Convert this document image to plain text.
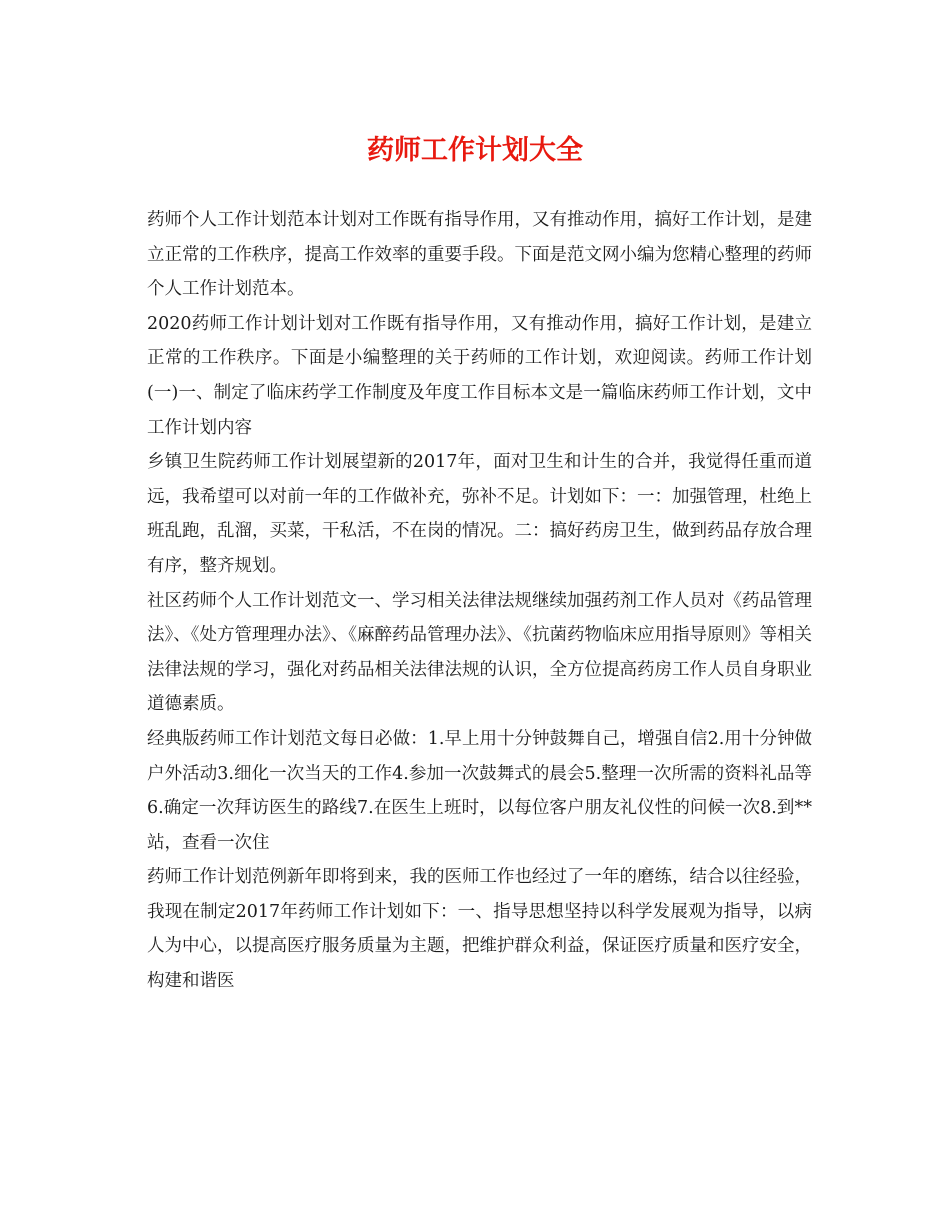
药师工作计划大全

药师个人工作计划范本计划对工作既有指导作用，又有推动作用，搞好工作计划，是建立正常的工作秩序，提高工作效率的重要手段。下面是范文网小编为您精心整理的药师个人工作计划范本。

2020药师工作计划计划对工作既有指导作用，又有推动作用，搞好工作计划，是建立正常的工作秩序。下面是小编整理的关于药师的工作计划，欢迎阅读。药师工作计划(一)一、制定了临床药学工作制度及年度工作目标本文是一篇临床药师工作计划，文中工作计划内容

乡镇卫生院药师工作计划展望新的2017年，面对卫生和计生的合并，我觉得任重而道远，我希望可以对前一年的工作做补充，弥补不足。计划如下：一：加强管理，杜绝上班乱跑，乱溜，买菜，干私活，不在岗的情况。二：搞好药房卫生，做到药品存放合理有序，整齐规划。

社区药师个人工作计划范文一、学习相关法律法规继续加强药剂工作人员对《药品管理法》、《处方管理理办法》、《麻醉药品管理办法》、《抗菌药物临床应用指导原则》等相关法律法规的学习，强化对药品相关法律法规的认识，全方位提高药房工作人员自身职业道德素质。

经典版药师工作计划范文每日必做：1.早上用十分钟鼓舞自己，增强自信2.用十分钟做户外活动3.细化一次当天的工作4.参加一次鼓舞式的晨会5.整理一次所需的资料礼品等6.确定一次拜访医生的路线7.在医生上班时，以每位客户朋友礼仪性的问候一次8.到**站，查看一次住

药师工作计划范例新年即将到来，我的医师工作也经过了一年的磨练，结合以往经验，我现在制定2017年药师工作计划如下：一、指导思想坚持以科学发展观为指导，以病人为中心，以提高医疗服务质量为主题，把维护群众利益，保证医疗质量和医疗安全，构建和谐医
